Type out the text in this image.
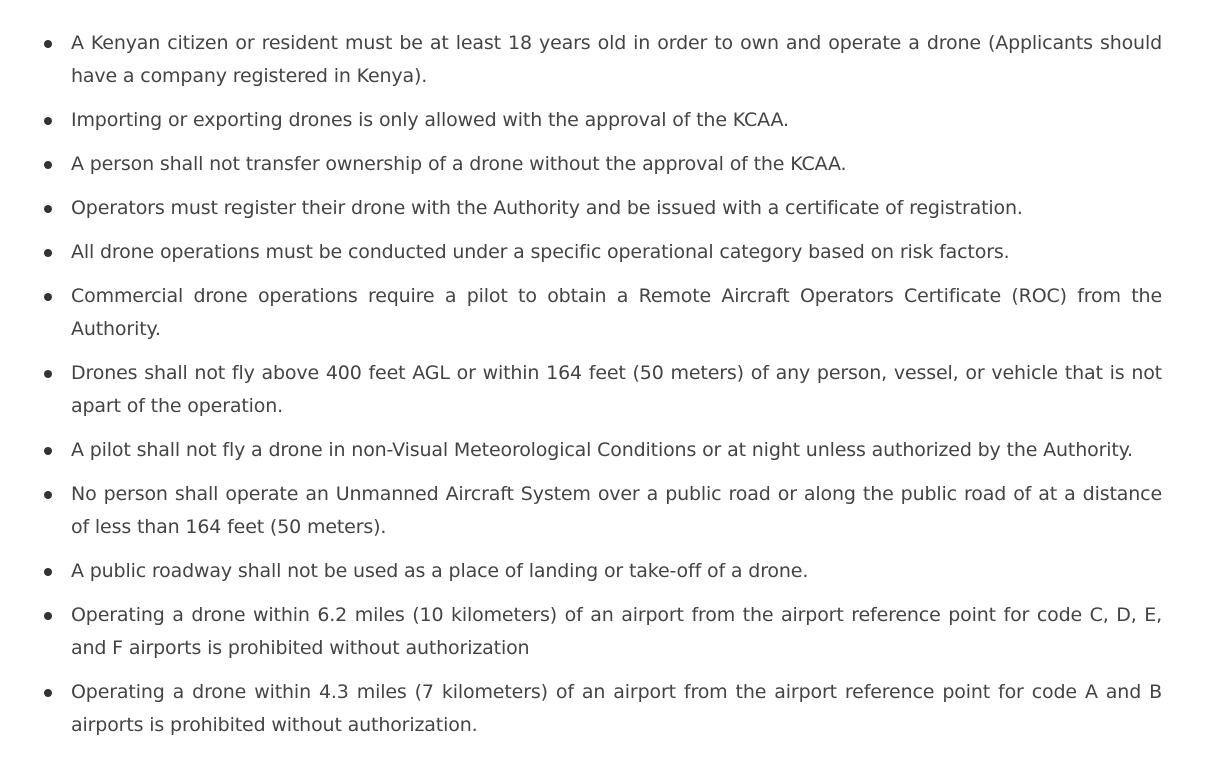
A Kenyan citizen or resident must be at least 18 years old in order to own and operate a drone (Applicants should have a company registered in Kenya).
Importing or exporting drones is only allowed with the approval of the KCAA.
A person shall not transfer ownership of a drone without the approval of the KCAA.
Operators must register their drone with the Authority and be issued with a certificate of registration.
All drone operations must be conducted under a specific operational category based on risk factors.
Commercial drone operations require a pilot to obtain a Remote Aircraft Operators Certificate (ROC) from the Authority.
Drones shall not fly above 400 feet AGL or within 164 feet (50 meters) of any person, vessel, or vehicle that is not apart of the operation.
A pilot shall not fly a drone in non-Visual Meteorological Conditions or at night unless authorized by the Authority.
No person shall operate an Unmanned Aircraft System over a public road or along the public road of at a distance of less than 164 feet (50 meters).
A public roadway shall not be used as a place of landing or take-off of a drone.
Operating a drone within 6.2 miles (10 kilometers) of an airport from the airport reference point for code C, D, E, and F airports is prohibited without authorization
Operating a drone within 4.3 miles (7 kilometers) of an airport from the airport reference point for code A and B airports is prohibited without authorization.
